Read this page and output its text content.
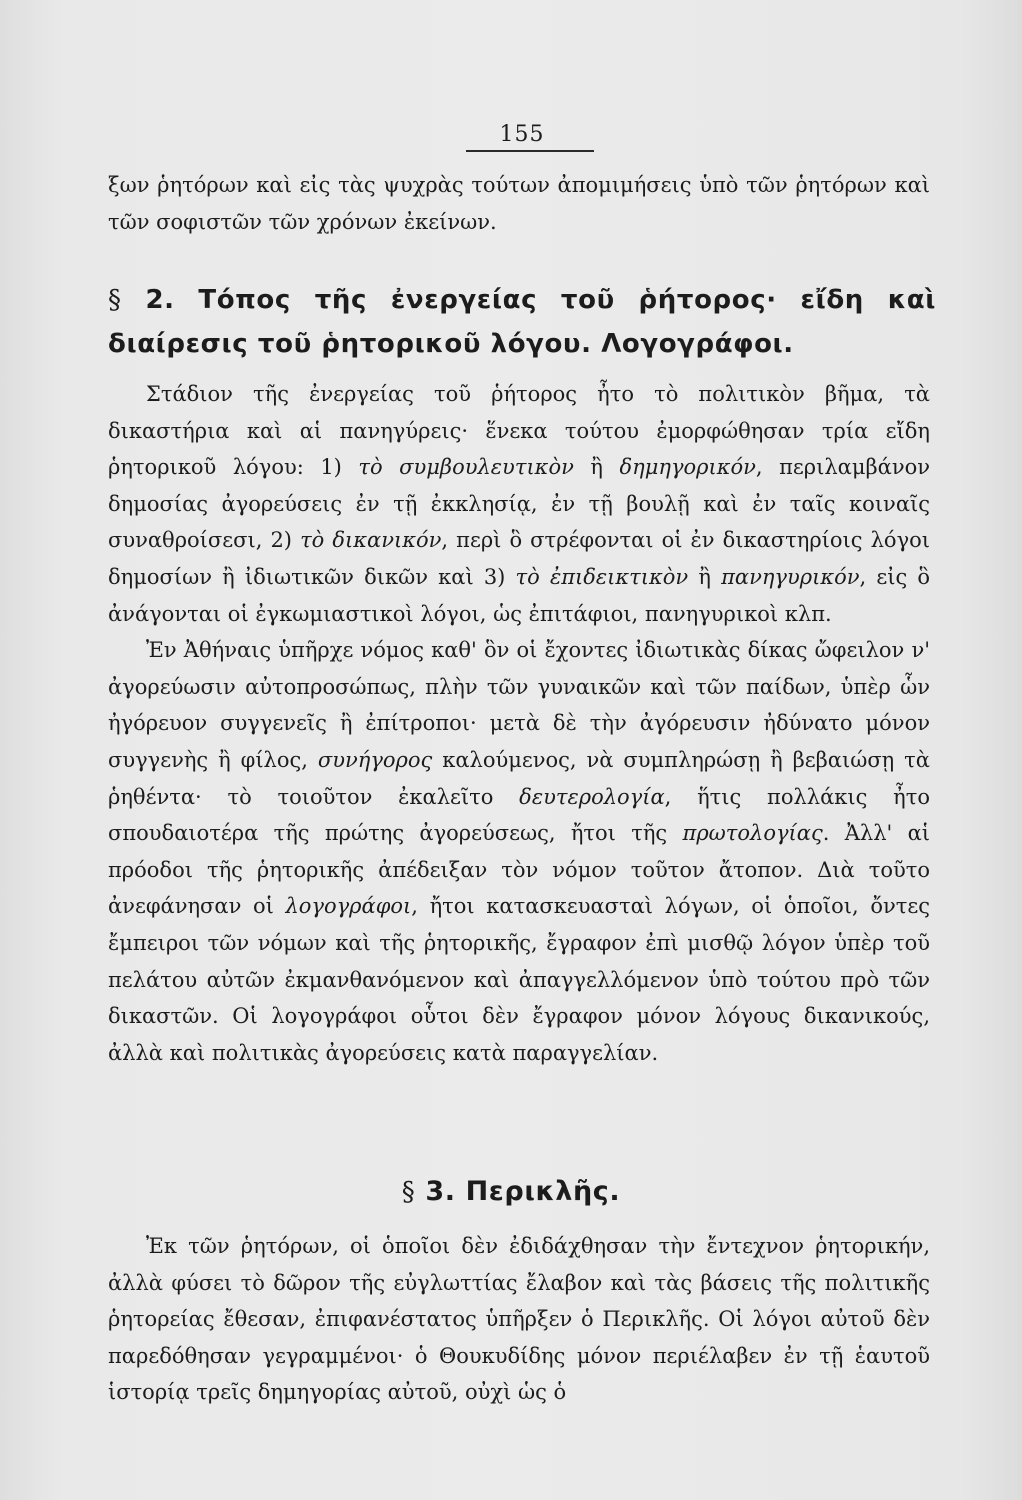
155

ξων ῥητόρων καὶ εἰς τὰς ψυχρὰς τούτων ἀπομιμήσεις ὑπὸ τῶν ῥητόρων καὶ τῶν σοφιστῶν τῶν χρόνων ἐκείνων.

§ 2. Τόπος τῆς ἐνεργείας τοῦ ῥήτορος· εἴδη καὶ διαίρεσις τοῦ ῥητορικοῦ λόγου. Λογογράφοι.

Στάδιον τῆς ἐνεργείας τοῦ ῥήτορος ἦτο τὸ πολιτικὸν βῆμα, τὰ δικαστήρια καὶ αἱ πανηγύρεις· ἕνεκα τούτου ἐμορφώθησαν τρία εἴδη ῥητορικοῦ λόγου: 1) τὸ συμβουλευτικὸν ἢ δημηγορικόν, περιλαμβάνον δημοσίας ἀγορεύσεις ἐν τῇ ἐκκλησίᾳ, ἐν τῇ βουλῇ καὶ ἐν ταῖς κοιναῖς συναθροίσεσι, 2) τὸ δικανικόν, περὶ ὃ στρέφονται οἱ ἐν δικαστηρίοις λόγοι δημοσίων ἢ ἰδιωτικῶν δικῶν καὶ 3) τὸ ἐπιδεικτικὸν ἢ πανηγυρικόν, εἰς ὃ ἀνάγονται οἱ ἐγκωμιαστικοὶ λόγοι, ὡς ἐπιτάφιοι, πανηγυρικοὶ κλπ.

Ἐν Ἀθήναις ὑπῆρχε νόμος καθ' ὃν οἱ ἔχοντες ἰδιωτικὰς δίκας ὤφειλον ν' ἀγορεύωσιν αὐτοπροσώπως, πλὴν τῶν γυναικῶν καὶ τῶν παίδων, ὑπὲρ ὧν ἠγόρευον συγγενεῖς ἢ ἐπίτροποι· μετὰ δὲ τὴν ἀγόρευσιν ἠδύνατο μόνον συγγενὴς ἢ φίλος, συνήγορος καλούμενος, νὰ συμπληρώσῃ ἢ βεβαιώσῃ τὰ ῥηθέντα· τὸ τοιοῦτον ἐκαλεῖτο δευτερολογία, ἥτις πολλάκις ἦτο σπουδαιοτέρα τῆς πρώτης ἀγορεύσεως, ἤτοι τῆς πρωτολογίας. Ἀλλ' αἱ πρόοδοι τῆς ῥητορικῆς ἀπέδειξαν τὸν νόμον τοῦτον ἄτοπον. Διὰ τοῦτο ἀνεφάνησαν οἱ λογογράφοι, ἤτοι κατασκευασταὶ λόγων, οἱ ὁποῖοι, ὄντες ἔμπειροι τῶν νόμων καὶ τῆς ῥητορικῆς, ἔγραφον ἐπὶ μισθῷ λόγον ὑπὲρ τοῦ πελάτου αὐτῶν ἐκμανθανόμενον καὶ ἀπαγγελλόμενον ὑπὸ τούτου πρὸ τῶν δικαστῶν. Οἱ λογογράφοι οὗτοι δὲν ἔγραφον μόνον λόγους δικανικούς, ἀλλὰ καὶ πολιτικὰς ἀγορεύσεις κατὰ παραγγελίαν.

§ 3. Περικλῆς.

Ἐκ τῶν ῥητόρων, οἱ ὁποῖοι δὲν ἐδιδάχθησαν τὴν ἔντεχνον ῥητορικήν, ἀλλὰ φύσει τὸ δῶρον τῆς εὐγλωττίας ἔλαβον καὶ τὰς βάσεις τῆς πολιτικῆς ῥητορείας ἔθεσαν, ἐπιφανέστατος ὑπῆρξεν ὁ Περικλῆς. Οἱ λόγοι αὐτοῦ δὲν παρεδόθησαν γεγραμμένοι· ὁ Θουκυδίδης μόνον περιέλαβεν ἐν τῇ ἑαυτοῦ ἱστορίᾳ τρεῖς δημηγορίας αὐτοῦ, οὐχὶ ὡς ὁ
